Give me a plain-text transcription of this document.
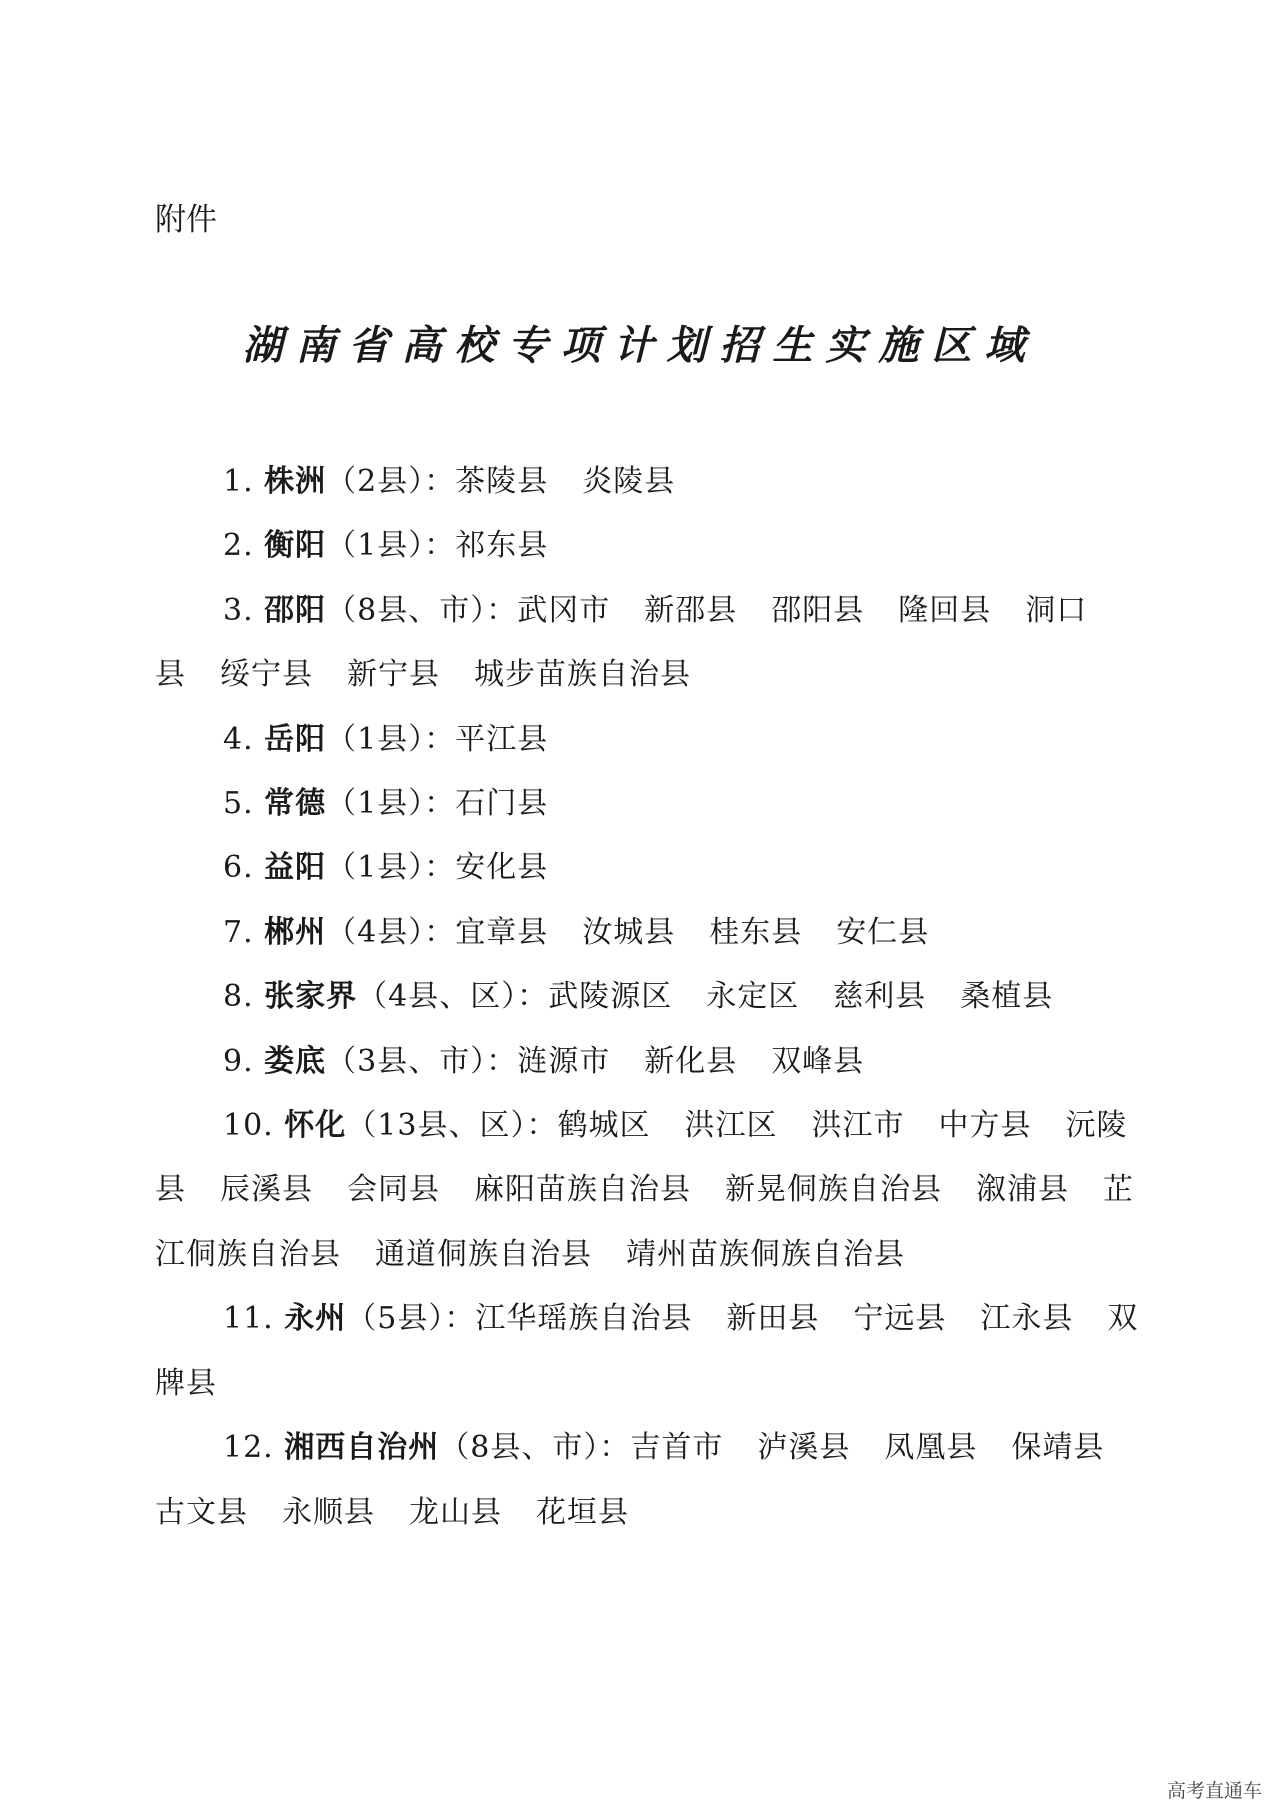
附件
湖南省高校专项计划招生实施区域
1. 株洲（2县）：茶陵县 炎陵县
2. 衡阳（1县）：祁东县
3. 邵阳（8县、市）：武冈市 新邵县 邵阳县 隆回县 洞口县 绥宁县 新宁县 城步苗族自治县
4. 岳阳（1县）：平江县
5. 常德（1县）：石门县
6. 益阳（1县）：安化县
7. 郴州（4县）：宜章县 汝城县 桂东县 安仁县
8. 张家界（4县、区）：武陵源区 永定区 慈利县 桑植县
9. 娄底（3县、市）：涟源市 新化县 双峰县
10. 怀化（13县、区）：鹤城区 洪江区 洪江市 中方县 沅陵县 辰溪县 会同县 麻阳苗族自治县 新晃侗族自治县 溆浦县 芷江侗族自治县 通道侗族自治县 靖州苗族侗族自治县
11. 永州（5县）：江华瑶族自治县 新田县 宁远县 江永县 双牌县
12. 湘西自治州（8县、市）：吉首市 泸溪县 凤凰县 保靖县古文县 永顺县 龙山县 花垣县
高考直通车
